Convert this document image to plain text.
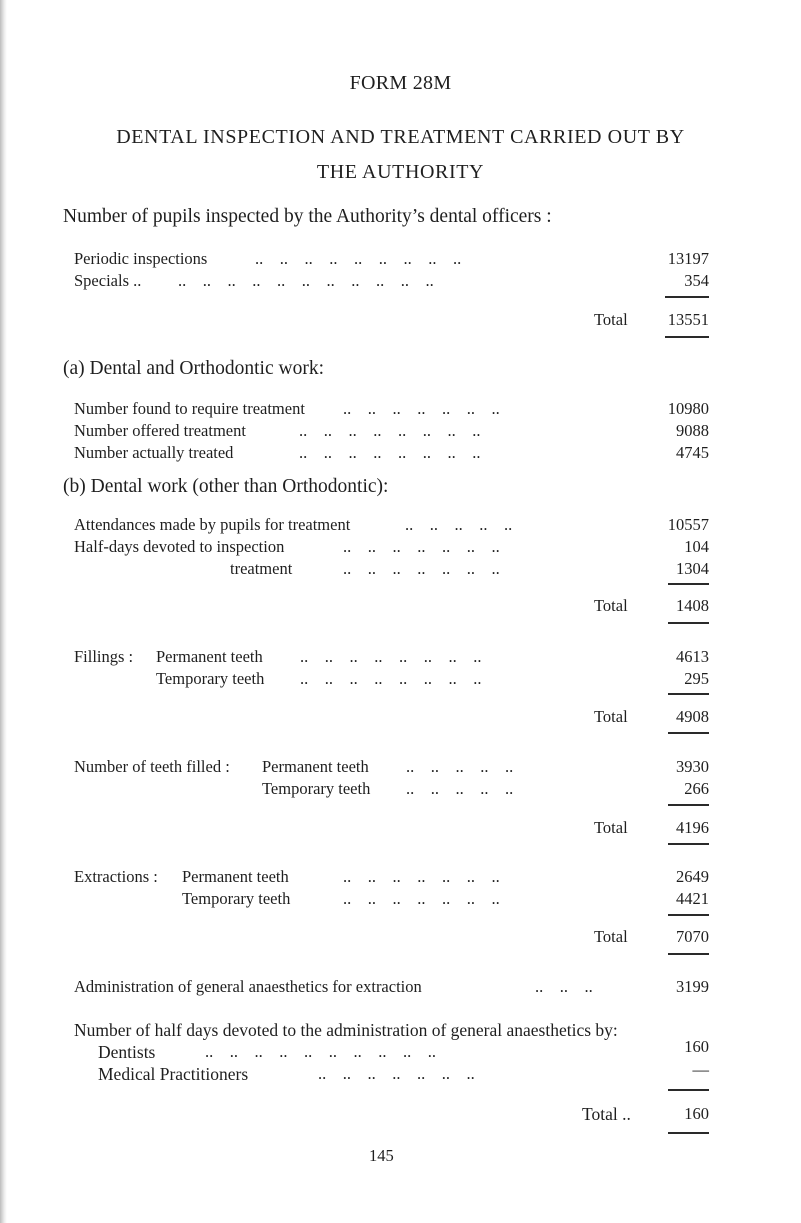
FORM 28M
DENTAL INSPECTION AND TREATMENT CARRIED OUT BY
THE AUTHORITY
Number of pupils inspected by the Authority’s dental officers :
Periodic inspections	..    ..    ..    ..    ..    ..    ..    ..    ..	13197
Specials .. ..    ..    ..    ..    ..    ..    ..    ..    ..    ..    ..	354
Total	13551
(a) Dental and Orthodontic work:
Number found to require treatment ..    ..    ..    ..    ..    ..    ..	10980
Number offered treatment	..    ..    ..    ..    ..    ..    ..    ..	9088
Number actually treated	..    ..    ..    ..    ..    ..    ..    ..	4745
(b) Dental work (other than Orthodontic):
Attendances made by pupils for treatment	..    ..    ..    ..    ..	10557
Half-days devoted to inspection	..    ..    ..    ..    ..    ..    ..	104
treatment	..    ..    ..    ..    ..    ..    ..	1304
Total	1408
Fillings : Permanent teeth ..    ..    ..    ..    ..    ..    ..    ..	4613
Temporary teeth ..    ..    ..    ..    ..    ..    ..    ..	295
Total	4908
Number of teeth filled : Permanent teeth ..    ..    ..    ..    ..	3930
Temporary teeth ..    ..    ..    ..    ..	266
Total	4196
Extractions : Permanent teeth	..    ..    ..    ..    ..    ..    ..	2649
Temporary teeth	..    ..    ..    ..    ..    ..    ..	4421
Total	7070
Administration of general anaesthetics for extraction	..    ..    ..	3199
Number of half days devoted to the administration of general anaesthetics by:
Dentists	..    ..    ..    ..    ..    ..    ..    ..    ..    ..	160
Medical Practitioners	..    ..    ..    ..    ..    ..    ..	—
Total ..	160
145
